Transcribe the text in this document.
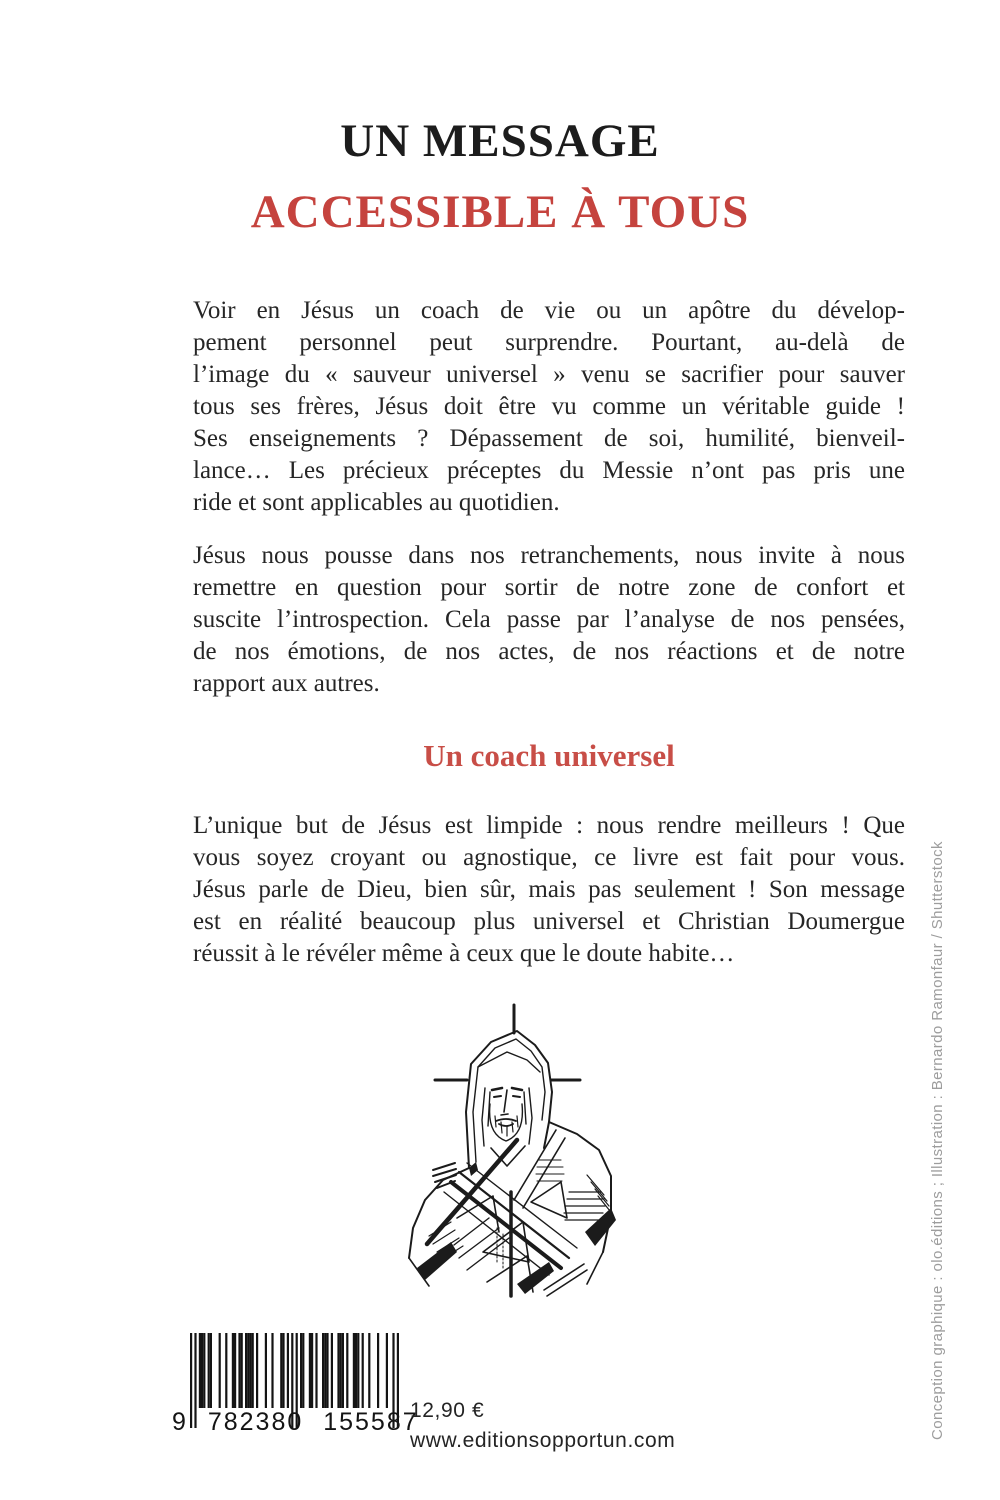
UN MESSAGE
ACCESSIBLE À TOUS
Voir en Jésus un coach de vie ou un apôtre du dévelop-
pement personnel peut surprendre. Pourtant, au-delà de
l’image du « sauveur universel » venu se sacrifier pour sauver
tous ses frères, Jésus doit être vu comme un véritable guide !
Ses enseignements ? Dépassement de soi, humilité, bienveil-
lance… Les précieux préceptes du Messie n’ont pas pris une
ride et sont applicables au quotidien.
Jésus nous pousse dans nos retranchements, nous invite à nous
remettre en question pour sortir de notre zone de confort et
suscite l’introspection. Cela passe par l’analyse de nos pensées,
de nos émotions, de nos actes, de nos réactions et de notre
rapport aux autres.
Un coach universel
L’unique but de Jésus est limpide : nous rendre meilleurs ! Que
vous soyez croyant ou agnostique, ce livre est fait pour vous.
Jésus parle de Dieu, bien sûr, mais pas seulement ! Son message
est en réalité beaucoup plus universel et Christian Doumergue
réussit à le révéler même à ceux que le doute habite…
9 782380 155587
12,90 €
www.editionsopportun.com
Conception graphique : olo.éditions ; Illustration : Bernardo Ramonfaur / Shutterstock
